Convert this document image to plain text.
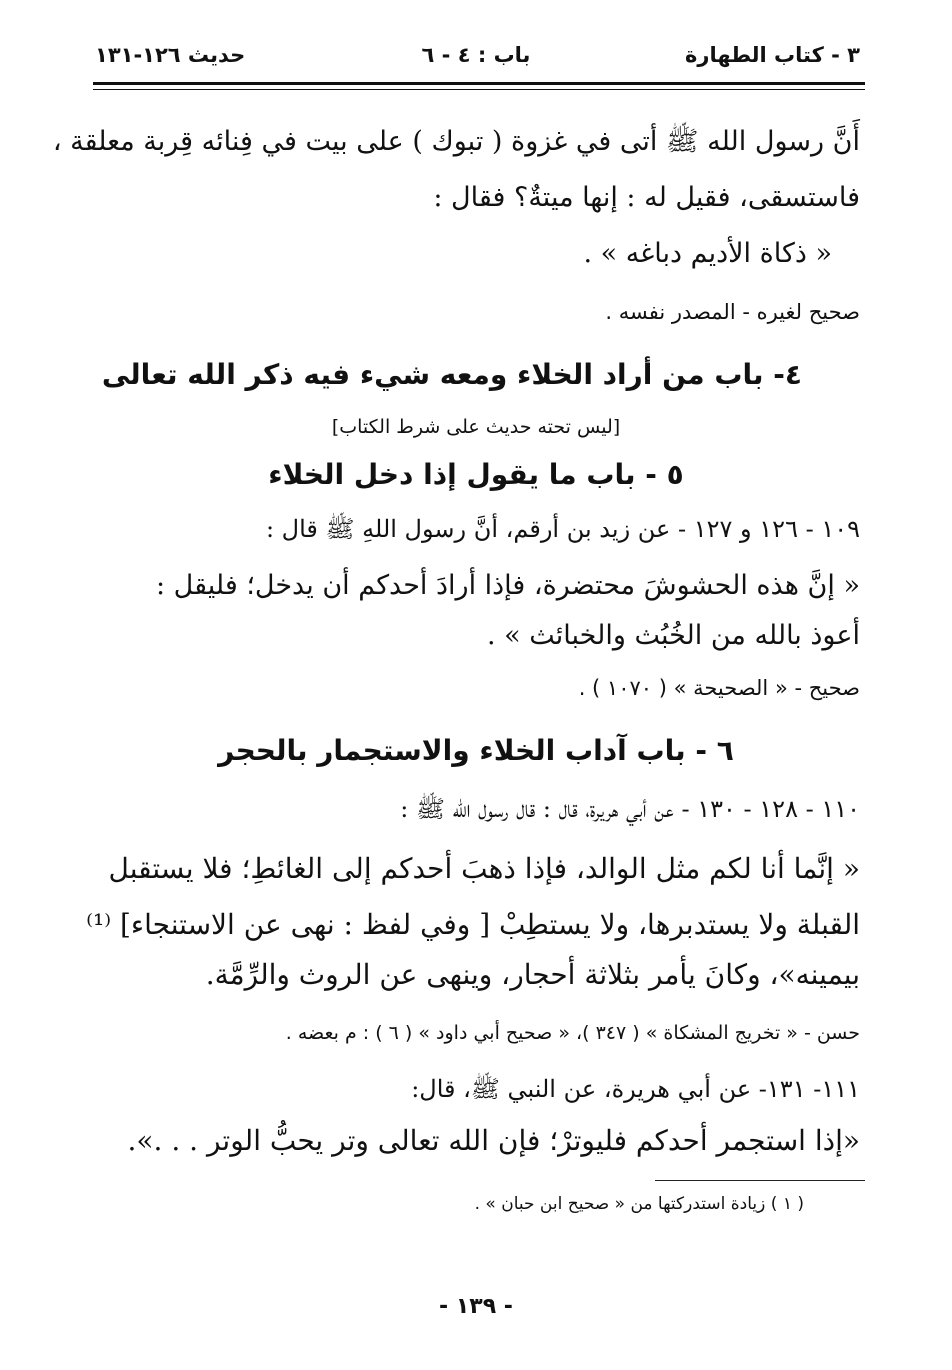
٣ - كتاب الطهارة
باب : ٤ - ٦
حديث ١٢٦-١٣١
أَنَّ رسول الله ﷺ أتى في غزوة ( تبوك ) على بيت في فِنائه قِربة معلقة ،
فاستسقى، فقيل له : إنها ميتةٌ؟ فقال :
« ذكاة الأديم دباغه » .
صحيح لغيره - المصدر نفسه .
٤- باب من أراد الخلاء ومعه شيء فيه ذكر الله تعالى
[ليس تحته حديث على شرط الكتاب]
٥ - باب ما يقول إذا دخل الخلاء
١٠٩ - ١٢٦ و ١٢٧ - عن زيد بن أرقم، أنَّ رسول اللهِ ﷺ قال :
« إنَّ هذه الحشوشَ محتضرة، فإذا أرادَ أحدكم أن يدخل؛ فليقل :
أعوذ بالله من الخُبُث والخبائث » .
صحيح - « الصحيحة » ( ١٠٧٠ ) .
٦ - باب آداب الخلاء والاستجمار بالحجر
١١٠ - ١٢٨ - ١٣٠ - عن أبي هريرة، قال : قال رسول الله ﷺ :
« إنَّما أنا لكم مثل الوالد، فإذا ذهبَ أحدكم إلى الغائطِ؛ فلا يستقبل
القبلة ولا يستدبرها، ولا يستطِبْ [ وفي لفظ : نهى عن الاستنجاء] ⁽¹⁾
بيمينه»، وكانَ يأمر بثلاثة أحجار، وينهى عن الروث والرِّمَّة.
حسن - « تخريج المشكاة » ( ٣٤٧ )، « صحيح أبي داود » ( ٦ ) : م بعضه .
١١١- ١٣١- عن أبي هريرة، عن النبي ﷺ، قال:
«إذا استجمر أحدكم فليوترْ؛ فإن الله تعالى وتر يحبُّ الوتر . . .».
( ١ ) زيادة استدركتها من « صحيح ابن حبان » .
- ١٣٩ -
